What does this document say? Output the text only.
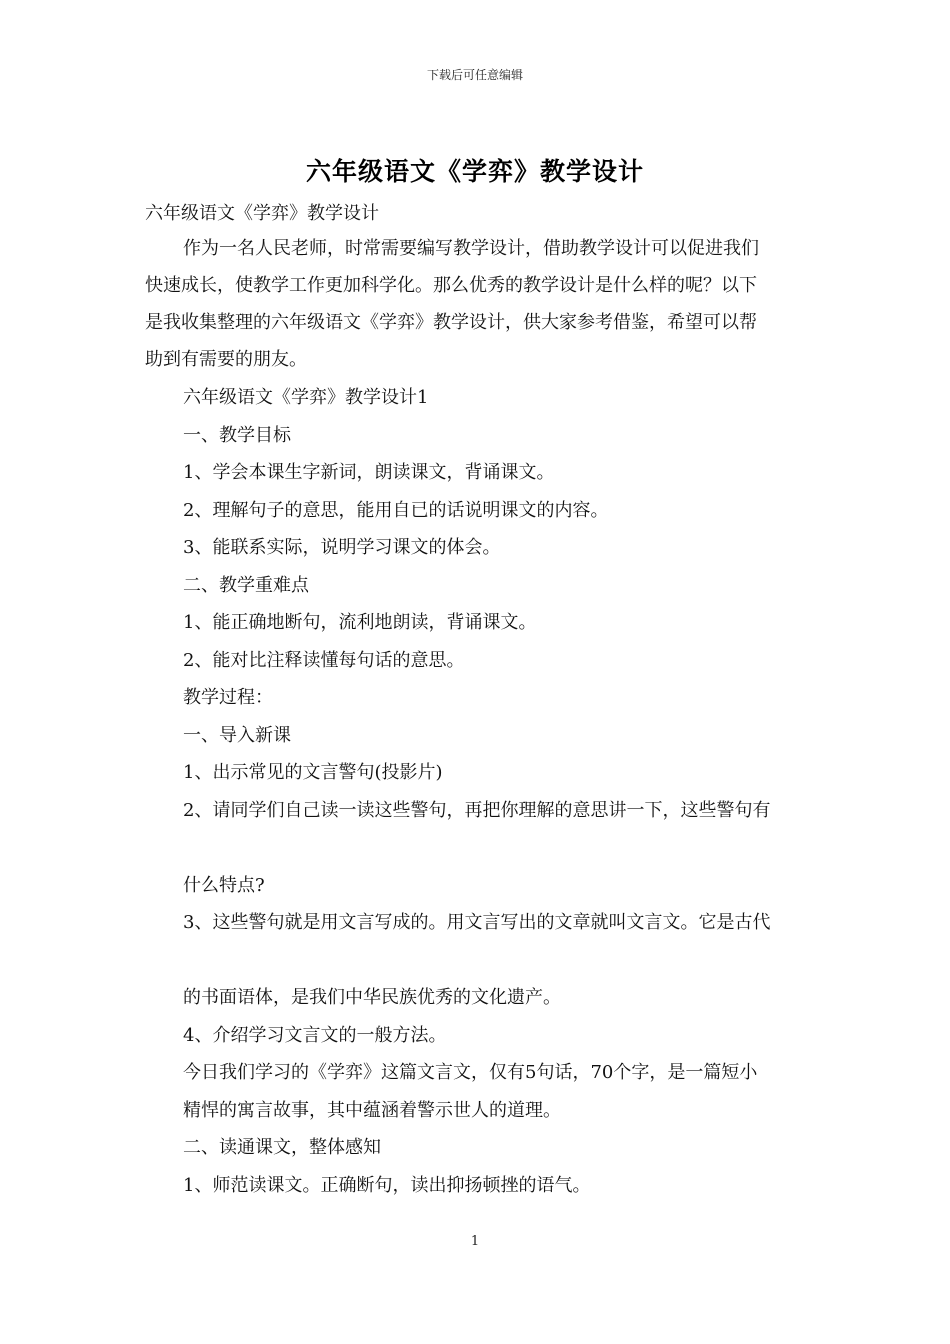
下载后可任意编辑
六年级语文《学弈》教学设计
六年级语文《学弈》教学设计
作为一名人民老师，时常需要编写教学设计，借助教学设计可以促进我们
快速成长，使教学工作更加科学化。那么优秀的教学设计是什么样的呢？以下
是我收集整理的六年级语文《学弈》教学设计，供大家参考借鉴，希望可以帮
助到有需要的朋友。
六年级语文《学弈》教学设计1
一、教学目标
1、学会本课生字新词，朗读课文，背诵课文。
2、理解句子的意思，能用自已的话说明课文的内容。
3、能联系实际，说明学习课文的体会。
二、教学重难点
1、能正确地断句，流利地朗读，背诵课文。
2、能对比注释读懂每句话的意思。
教学过程：
一、导入新课
1、出示常见的文言警句(投影片)
2、请同学们自己读一读这些警句，再把你理解的意思讲一下，这些警句有
什么特点?
3、这些警句就是用文言写成的。用文言写出的文章就叫文言文。它是古代
的书面语体，是我们中华民族优秀的文化遗产。
4、介绍学习文言文的一般方法。
今日我们学习的《学弈》这篇文言文，仅有5句话，70个字，是一篇短小
精悍的寓言故事，其中蕴涵着警示世人的道理。
二、读通课文，整体感知
1、师范读课文。正确断句，读出抑扬顿挫的语气。
1
